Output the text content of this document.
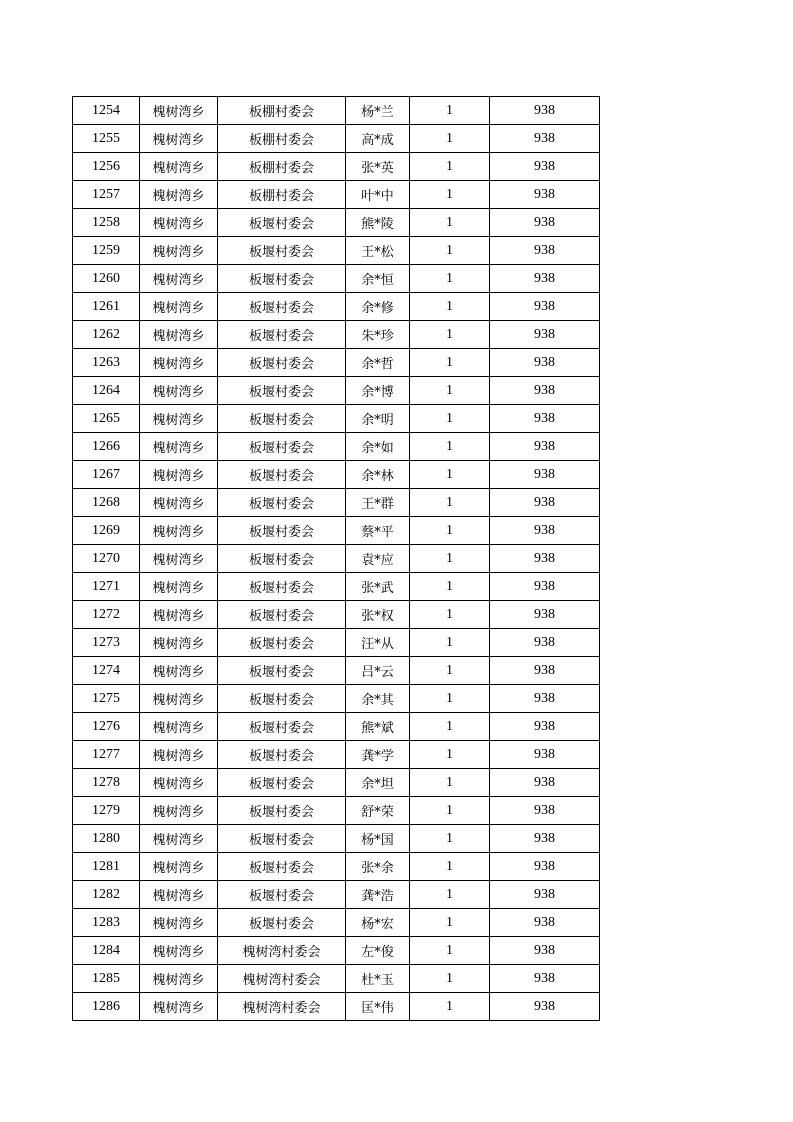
1254	槐树湾乡	板棚村委会	杨*兰	1	938
1255	槐树湾乡	板棚村委会	高*成	1	938
1256	槐树湾乡	板棚村委会	张*英	1	938
1257	槐树湾乡	板棚村委会	叶*中	1	938
1258	槐树湾乡	板堰村委会	熊*陵	1	938
1259	槐树湾乡	板堰村委会	王*松	1	938
1260	槐树湾乡	板堰村委会	余*恒	1	938
1261	槐树湾乡	板堰村委会	余*修	1	938
1262	槐树湾乡	板堰村委会	朱*珍	1	938
1263	槐树湾乡	板堰村委会	余*哲	1	938
1264	槐树湾乡	板堰村委会	余*博	1	938
1265	槐树湾乡	板堰村委会	余*明	1	938
1266	槐树湾乡	板堰村委会	余*如	1	938
1267	槐树湾乡	板堰村委会	余*林	1	938
1268	槐树湾乡	板堰村委会	王*群	1	938
1269	槐树湾乡	板堰村委会	蔡*平	1	938
1270	槐树湾乡	板堰村委会	袁*应	1	938
1271	槐树湾乡	板堰村委会	张*武	1	938
1272	槐树湾乡	板堰村委会	张*权	1	938
1273	槐树湾乡	板堰村委会	汪*从	1	938
1274	槐树湾乡	板堰村委会	吕*云	1	938
1275	槐树湾乡	板堰村委会	余*其	1	938
1276	槐树湾乡	板堰村委会	熊*斌	1	938
1277	槐树湾乡	板堰村委会	龚*学	1	938
1278	槐树湾乡	板堰村委会	余*坦	1	938
1279	槐树湾乡	板堰村委会	舒*荣	1	938
1280	槐树湾乡	板堰村委会	杨*国	1	938
1281	槐树湾乡	板堰村委会	张*余	1	938
1282	槐树湾乡	板堰村委会	龚*浩	1	938
1283	槐树湾乡	板堰村委会	杨*宏	1	938
1284	槐树湾乡	槐树湾村委会	左*俊	1	938
1285	槐树湾乡	槐树湾村委会	杜*玉	1	938
1286	槐树湾乡	槐树湾村委会	匡*伟	1	938
